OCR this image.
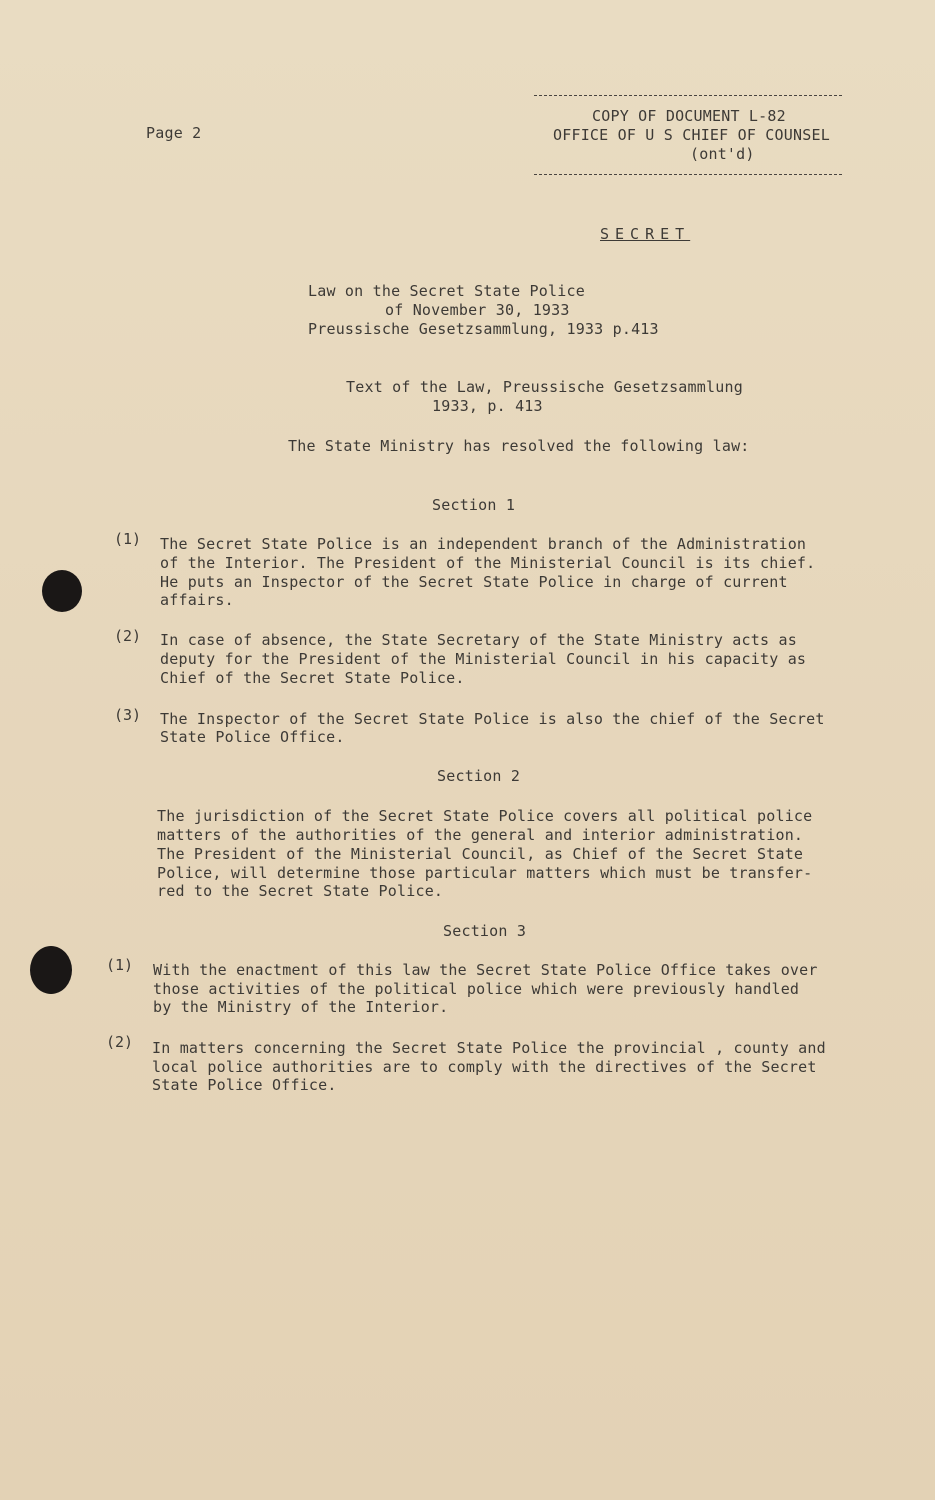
Page 2
COPY OF DOCUMENT L-82
OFFICE OF U S CHIEF OF COUNSEL
(ont'd)
SECRET
Law on the Secret State Police
of November 30, 1933
Preussische Gesetzsammlung, 1933 p.413
Text of the Law, Preussische Gesetzsammlung
1933, p. 413
The State Ministry has resolved the following law:
Section 1
(1) The Secret State Police is an independent branch of the Administration
of the Interior. The President of the Ministerial Council is its chief.
He puts an Inspector of the Secret State Police in charge of current
affairs.
(2) In case of absence, the State Secretary of the State Ministry acts as
deputy for the President of the Ministerial Council in his capacity as
Chief of the Secret State Police.
(3) The Inspector of the Secret State Police is also the chief of the Secret
State Police Office.
Section 2
The jurisdiction of the Secret State Police covers all political police
matters of the authorities of the general and interior administration.
The President of the Ministerial Council, as Chief of the Secret State
Police, will determine those particular matters which must be transfer-
red to the Secret State Police.
Section 3
(1) With the enactment of this law the Secret State Police Office takes over
those activities of the political police which were previously handled
by the Ministry of the Interior.
(2) In matters concerning the Secret State Police the provincial , county and
local police authorities are to comply with the directives of the Secret
State Police Office.
